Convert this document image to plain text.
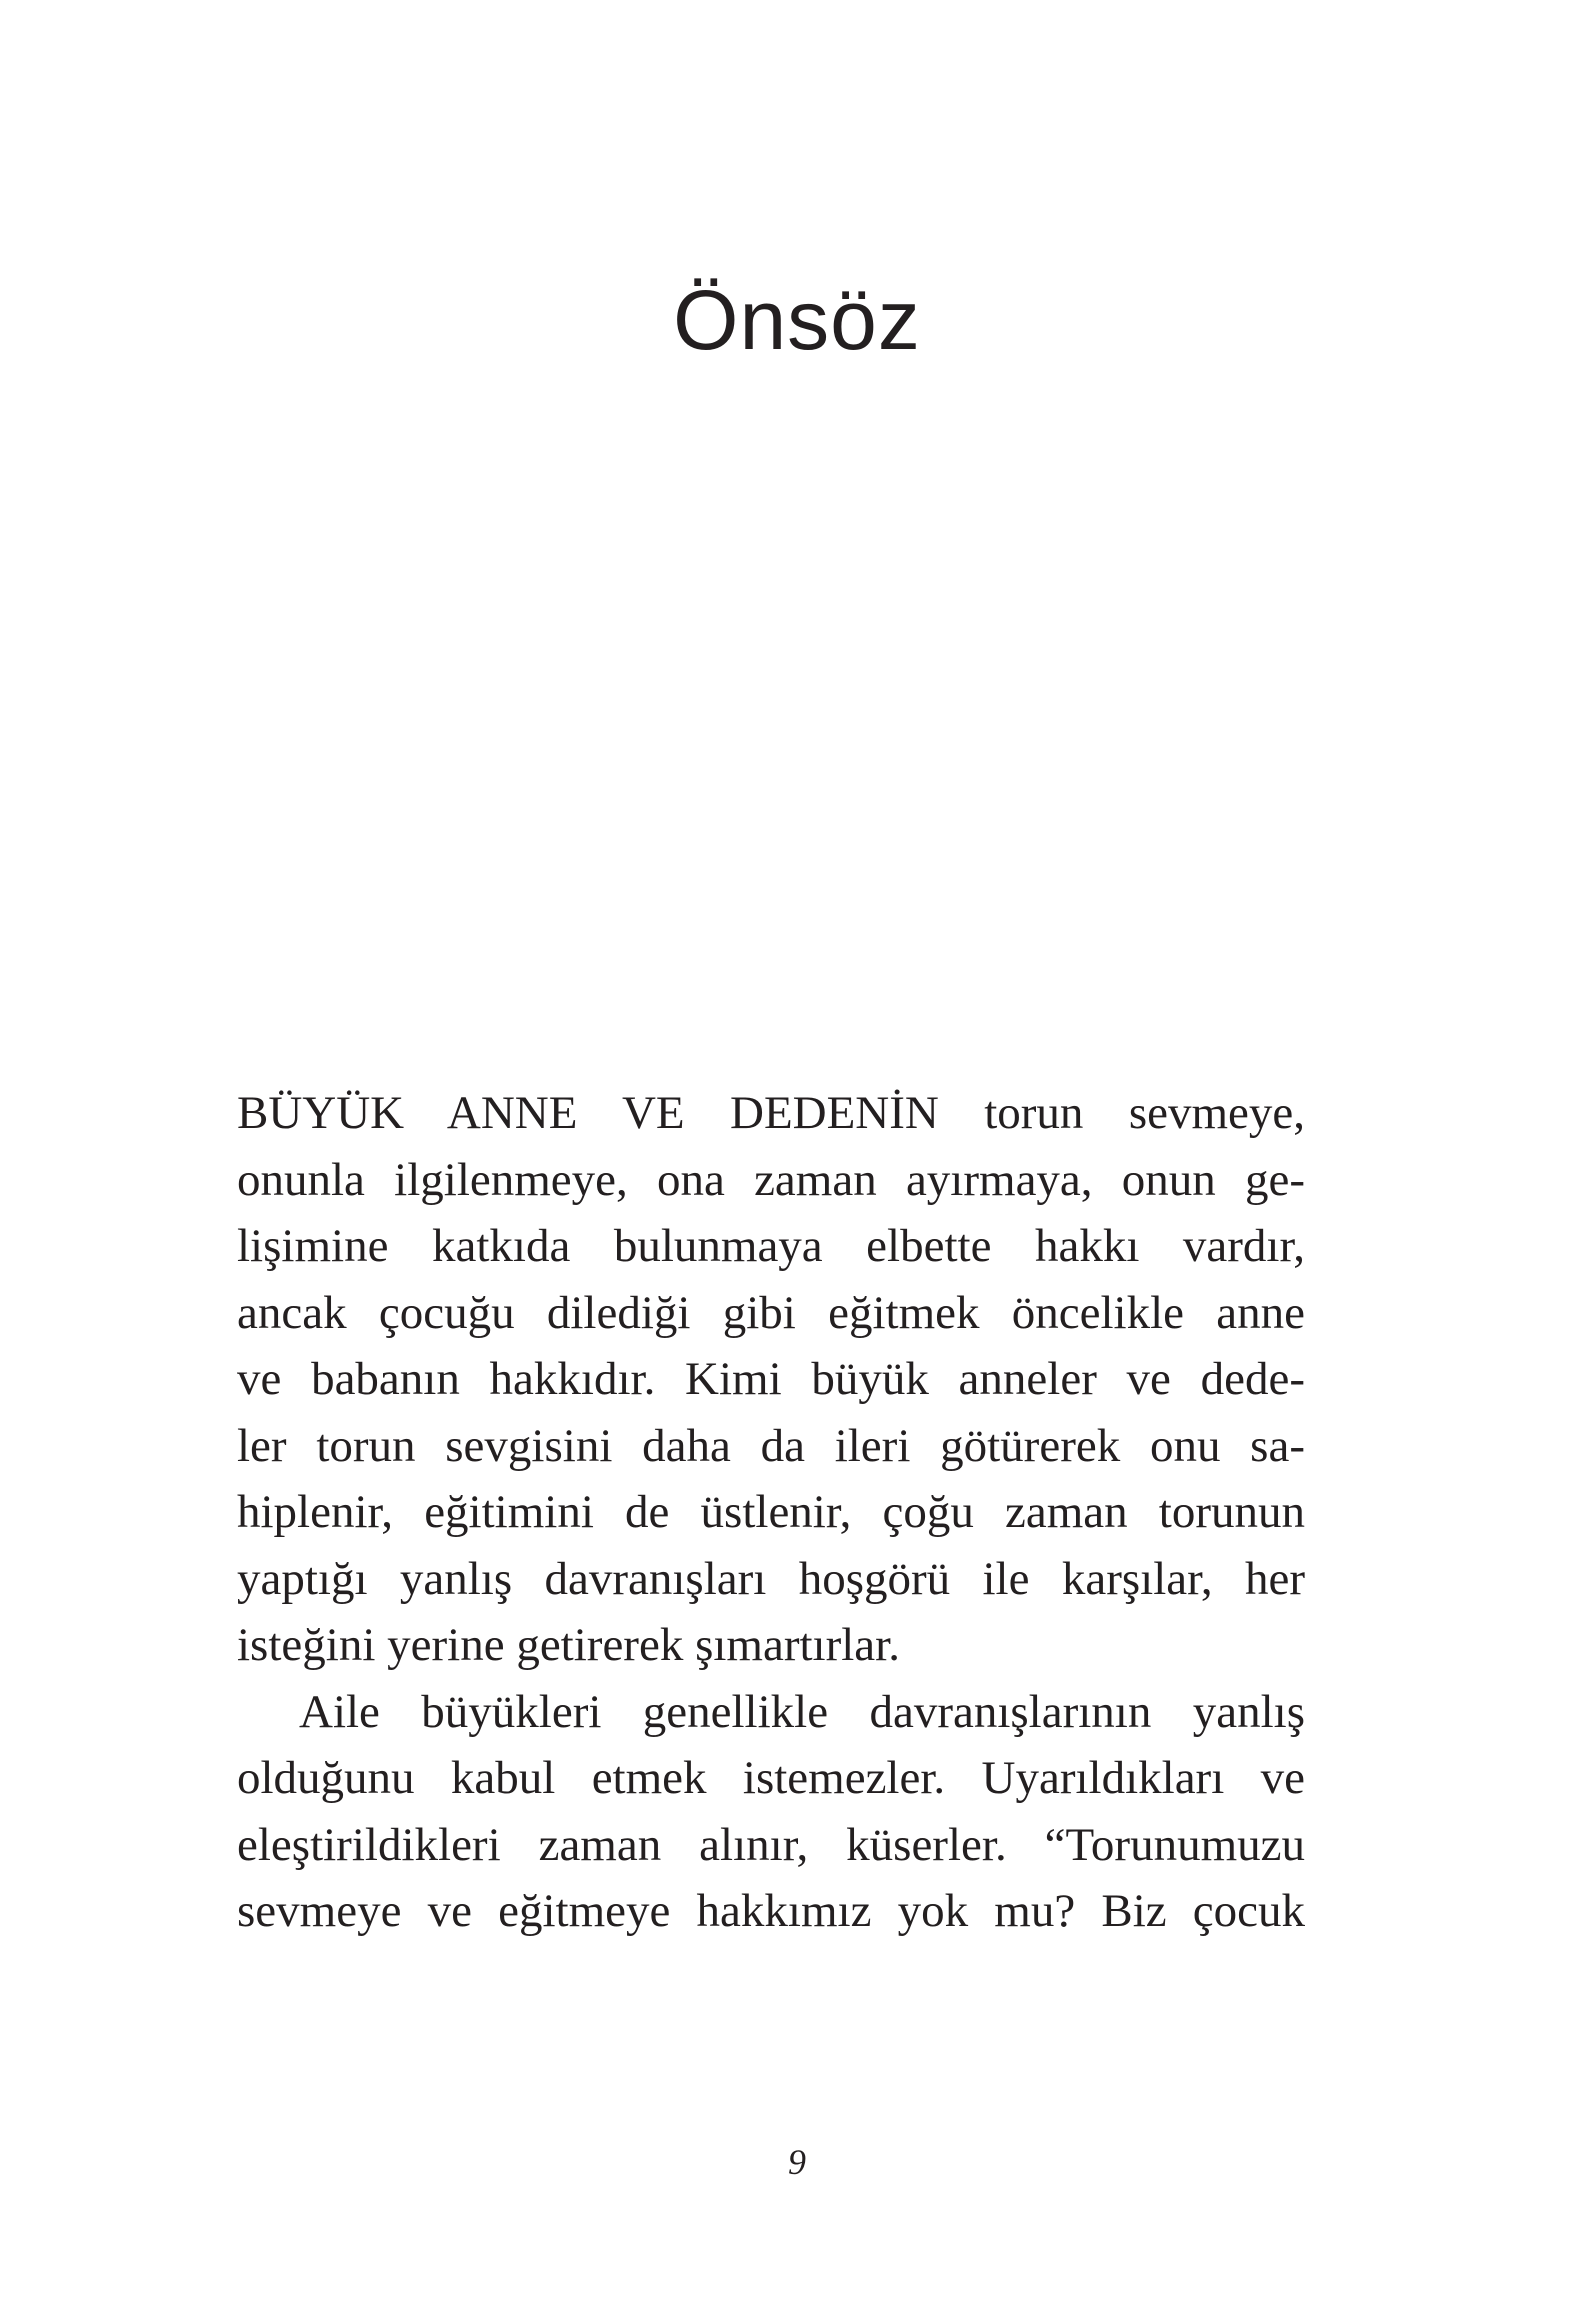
Önsöz

BÜYÜK ANNE VE DEDENİN torun sevmeye,
onunla ilgilenmeye, ona zaman ayırmaya, onun ge-
lişimine katkıda bulunmaya elbette hakkı vardır,
ancak çocuğu dilediği gibi eğitmek öncelikle anne
ve babanın hakkıdır. Kimi büyük anneler ve dede-
ler torun sevgisini daha da ileri götürerek onu sa-
hiplenir, eğitimini de üstlenir, çoğu zaman torunun
yaptığı yanlış davranışları hoşgörü ile karşılar, her
isteğini yerine getirerek şımartırlar.

Aile büyükleri genellikle davranışlarının yanlış
olduğunu kabul etmek istemezler. Uyarıldıkları ve
eleştirildikleri zaman alınır, küserler. “Torunumuzu
sevmeye ve eğitmeye hakkımız yok mu? Biz çocuk

9
